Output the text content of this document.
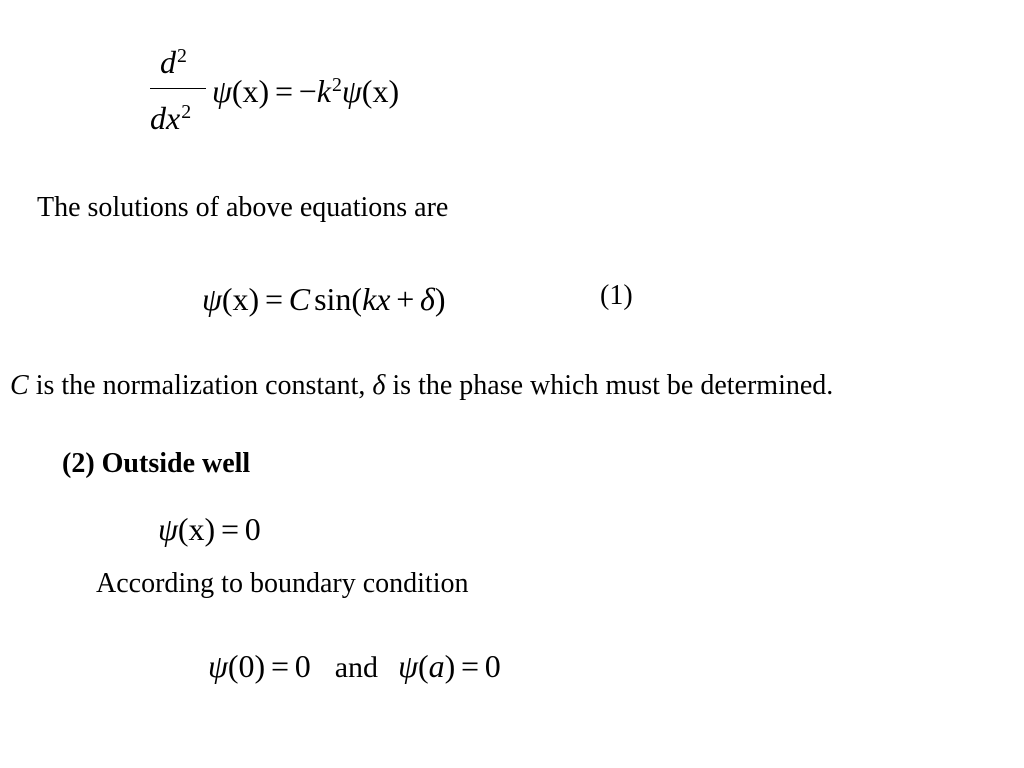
$d^2$
$dx^2$
$\psi(x) = -k^2\psi(x)$
The solutions of above equations are
ψ(x) = C sin(kx + δ)	(1)
C is the normalization constant, δ is the phase which must be determined.
(2) Outside well
ψ(x) = 0
According to boundary condition
ψ(0) = 0 and ψ(a) = 0
